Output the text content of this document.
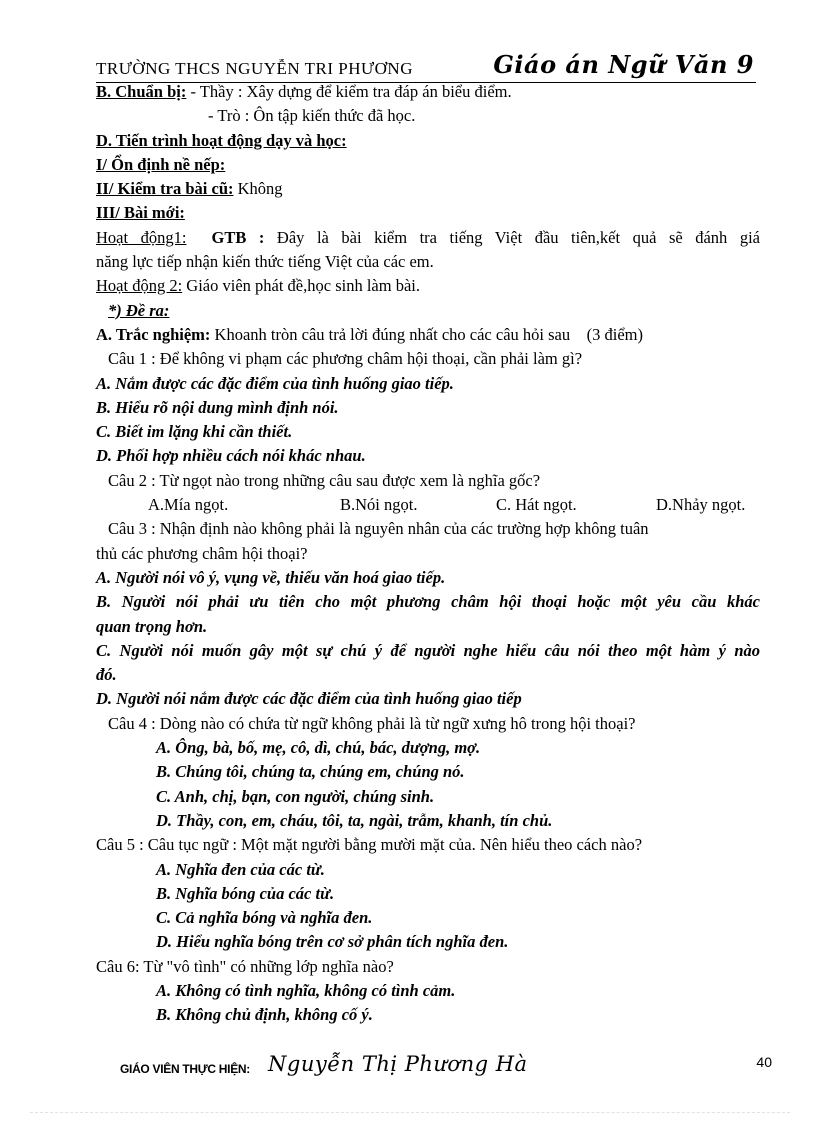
TRƯỜNG THCS NGUYỄN TRI PHƯƠNG	Giáo án Ngữ Văn 9
B. Chuẩn bị: - Thầy : Xây dựng để kiểm tra đáp án biểu điểm.
- Trò : Ôn tập kiến thức đã học.
D. Tiến trình hoạt động dạy và học:
I/ Ổn định nề nếp:
II/ Kiểm tra bài cũ: Không
III/ Bài mới:
Hoạt động1: GTB : Đây là bài kiểm tra tiếng Việt đầu tiên,kết quả sẽ đánh giá
năng lực tiếp nhận kiến thức tiếng Việt của các em.
Hoạt động 2: Giáo viên phát đề,học sinh làm bài.
*) Đề ra:
A. Trắc nghiệm: Khoanh tròn câu trả lời đúng nhất cho các câu hỏi sau (3 điểm)
Câu 1 : Để không vi phạm các phương châm hội thoại, cần phải làm gì?
A. Nắm được các đặc điểm của tình huống giao tiếp.
B. Hiểu rõ nội dung mình định nói.
C. Biết im lặng khi cần thiết.
D. Phối hợp nhiều cách nói khác nhau.
Câu 2 : Từ ngọt nào trong những câu sau được xem là nghĩa gốc?
A.Mía ngọt.	B.Nói ngọt.	C. Hát ngọt.	D.Nhảy ngọt.
Câu 3 : Nhận định nào không phải là nguyên nhân của các trường hợp không tuân
thủ các phương châm hội thoại?
A. Người nói vô ý, vụng về, thiếu văn hoá giao tiếp.
B. Người nói phải ưu tiên cho một phương châm hội thoại hoặc một yêu cầu khác
quan trọng hơn.
C. Người nói muốn gây một sự chú ý để người nghe hiểu câu nói theo một hàm ý nào
đó.
D. Người nói nắm được các đặc điểm của tình huống giao tiếp
Câu 4 : Dòng nào có chứa từ ngữ không phải là từ ngữ xưng hô trong hội thoại?
A. Ông, bà, bố, mẹ, cô, dì, chú, bác, dượng, mợ.
B. Chúng tôi, chúng ta, chúng em, chúng nó.
C. Anh, chị, bạn, con người, chúng sinh.
D. Thầy, con, em, cháu, tôi, ta, ngài, trẫm, khanh, tín chủ.
Câu 5 : Câu tục ngữ : Một mặt người bằng mười mặt của. Nên hiểu theo cách nào?
A. Nghĩa đen của các từ.
B. Nghĩa bóng của các từ.
C. Cả nghĩa bóng và nghĩa đen.
D. Hiểu nghĩa bóng trên cơ sở phân tích nghĩa đen.
Câu 6: Từ "vô tình" có những lớp nghĩa nào?
A. Không có tình nghĩa, không có tình cảm.
B. Không chủ định, không cố ý.
GIÁO VIÊN THỰC HIỆN: Nguyễn Thị Phương Hà	40
